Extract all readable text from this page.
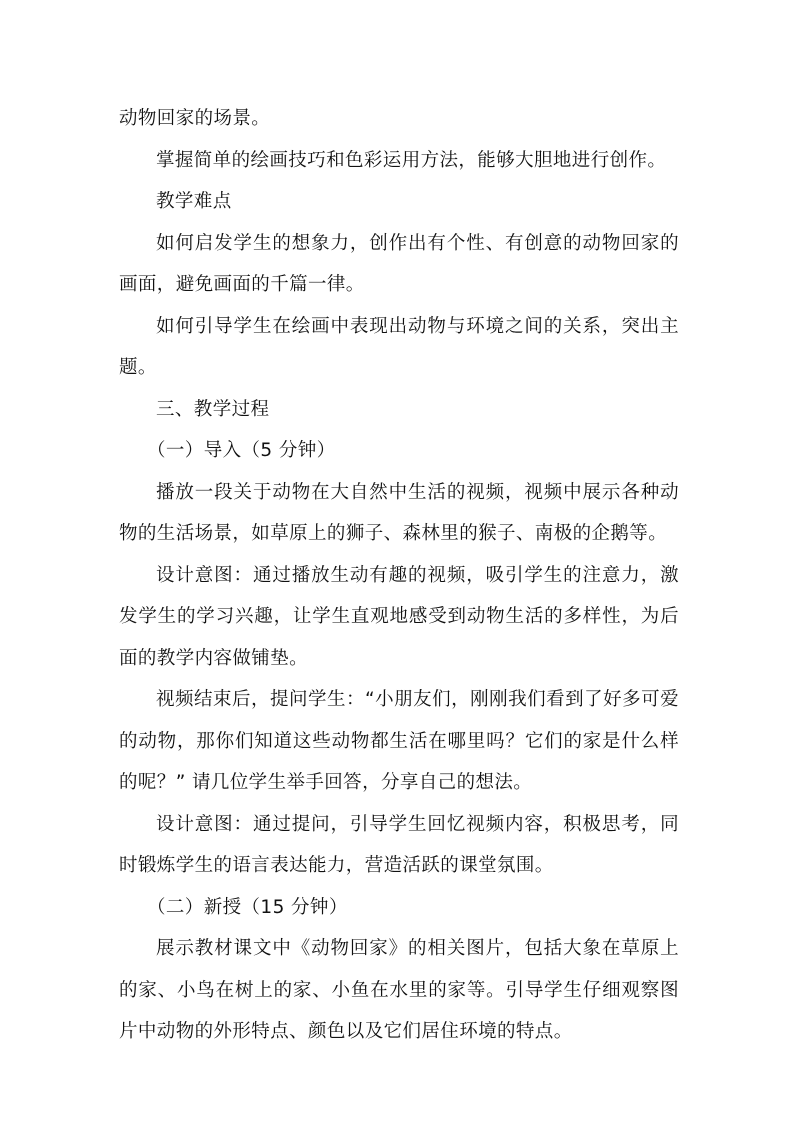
动物回家的场景。

掌握简单的绘画技巧和色彩运用方法，能够大胆地进行创作。

教学难点

如何启发学生的想象力，创作出有个性、有创意的动物回家的画面，避免画面的千篇一律。

如何引导学生在绘画中表现出动物与环境之间的关系，突出主题。

三、教学过程

（一）导入（5 分钟）

播放一段关于动物在大自然中生活的视频，视频中展示各种动物的生活场景，如草原上的狮子、森林里的猴子、南极的企鹅等。

设计意图：通过播放生动有趣的视频，吸引学生的注意力，激发学生的学习兴趣，让学生直观地感受到动物生活的多样性，为后面的教学内容做铺垫。

视频结束后，提问学生：“小朋友们，刚刚我们看到了好多可爱的动物，那你们知道这些动物都生活在哪里吗？它们的家是什么样的呢？” 请几位学生举手回答，分享自己的想法。

设计意图：通过提问，引导学生回忆视频内容，积极思考，同时锻炼学生的语言表达能力，营造活跃的课堂氛围。

（二）新授（15 分钟）

展示教材课文中《动物回家》的相关图片，包括大象在草原上的家、小鸟在树上的家、小鱼在水里的家等。引导学生仔细观察图片中动物的外形特点、颜色以及它们居住环境的特点。
